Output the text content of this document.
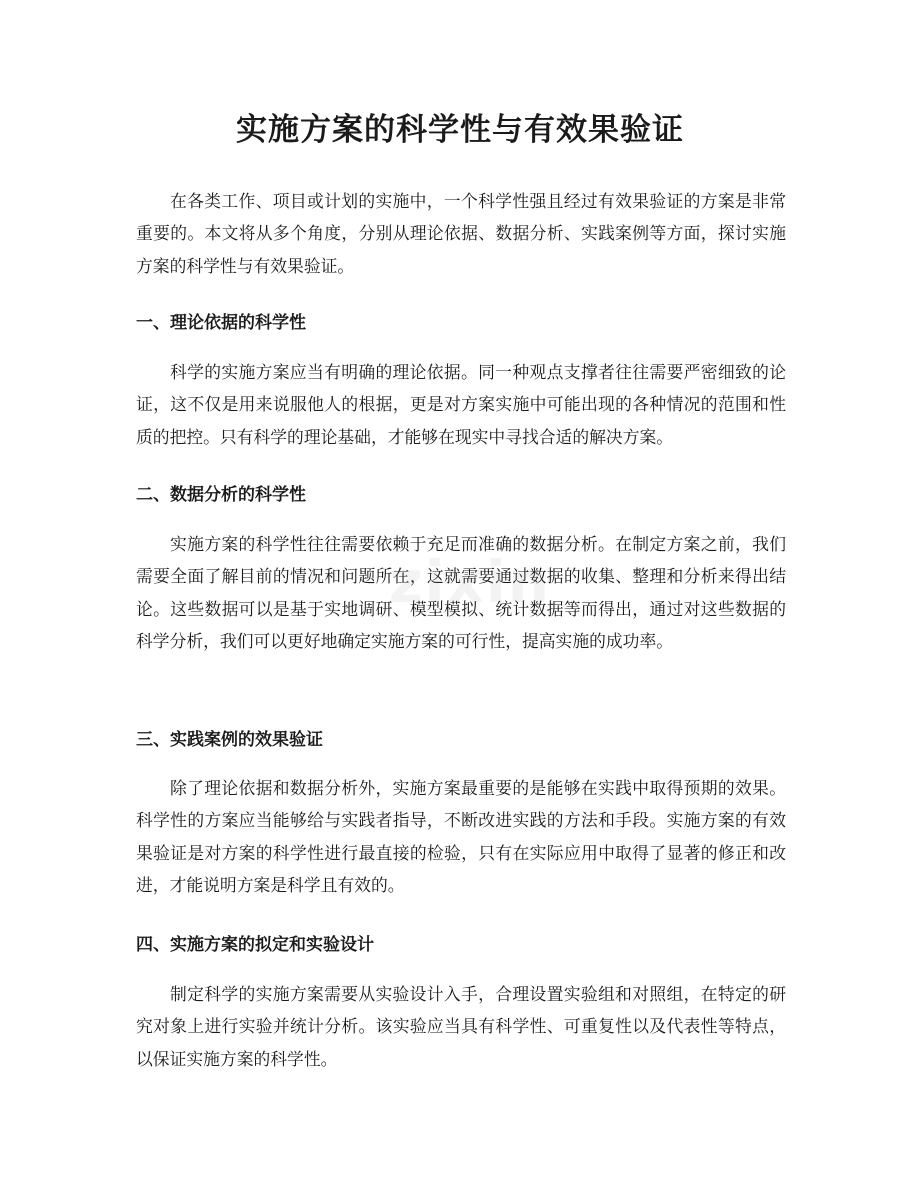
实施方案的科学性与有效果验证

在各类工作、项目或计划的实施中，一个科学性强且经过有效果验证的方案是非常重要的。本文将从多个角度，分别从理论依据、数据分析、实践案例等方面，探讨实施方案的科学性与有效果验证。

一、理论依据的科学性

科学的实施方案应当有明确的理论依据。同一种观点支撑者往往需要严密细致的论证，这不仅是用来说服他人的根据，更是对方案实施中可能出现的各种情况的范围和性质的把控。只有科学的理论基础，才能够在现实中寻找合适的解决方案。

二、数据分析的科学性

实施方案的科学性往往需要依赖于充足而准确的数据分析。在制定方案之前，我们需要全面了解目前的情况和问题所在，这就需要通过数据的收集、整理和分析来得出结论。这些数据可以是基于实地调研、模型模拟、统计数据等而得出，通过对这些数据的科学分析，我们可以更好地确定实施方案的可行性，提高实施的成功率。

三、实践案例的效果验证

除了理论依据和数据分析外，实施方案最重要的是能够在实践中取得预期的效果。科学性的方案应当能够给与实践者指导，不断改进实践的方法和手段。实施方案的有效果验证是对方案的科学性进行最直接的检验，只有在实际应用中取得了显著的修正和改进，才能说明方案是科学且有效的。

四、实施方案的拟定和实验设计

制定科学的实施方案需要从实验设计入手，合理设置实验组和对照组，在特定的研究对象上进行实验并统计分析。该实验应当具有科学性、可重复性以及代表性等特点，以保证实施方案的科学性。

zixin
